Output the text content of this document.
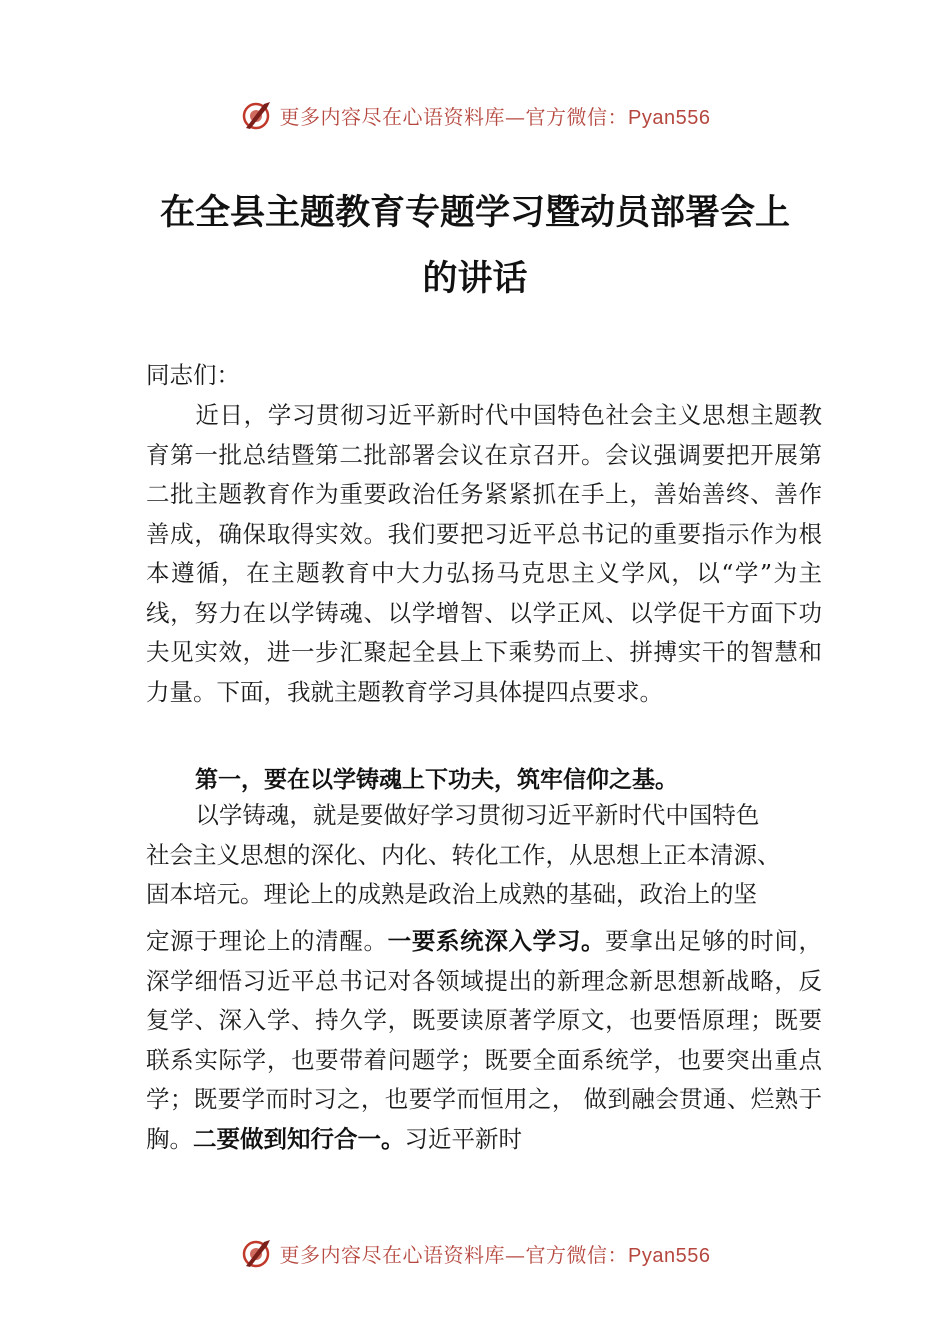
更多内容尽在心语资料库—官方微信：Pyan556
在全县主题教育专题学习暨动员部署会上
的讲话
同志们：
近日，学习贯彻习近平新时代中国特色社会主义思想主题教育第一批总结暨第二批部署会议在京召开。会议强调要把开展第二批主题教育作为重要政治任务紧紧抓在手上，善始善终、善作善成，确保取得实效。我们要把习近平总书记的重要指示作为根本遵循，在主题教育中大力弘扬马克思主义学风，以“学”为主线，努力在以学铸魂、以学增智、以学正风、以学促干方面下功夫见实效，进一步汇聚起全县上下乘势而上、拼搏实干的智慧和力量。下面，我就主题教育学习具体提四点要求。
第一，要在以学铸魂上下功夫，筑牢信仰之基。

以学铸魂，就是要做好学习贯彻习近平新时代中国特色

社会主义思想的深化、内化、转化工作，从思想上正本清源、

固本培元。理论上的成熟是政治上成熟的基础，政治上的坚

定源于理论上的清醒。一要系统深入学习。要拿出足够的时间，深学细悟习近平总书记对各领域提出的新理念新思想新战略，反复学、深入学、持久学，既要读原著学原文，也要悟原理；既要联系实际学，也要带着问题学；既要全面系统学，也要突出重点学；既要学而时习之，也要学而恒用之， 做到融会贯通、烂熟于胸。二要做到知行合一。习近平新时
更多内容尽在心语资料库—官方微信：Pyan556
